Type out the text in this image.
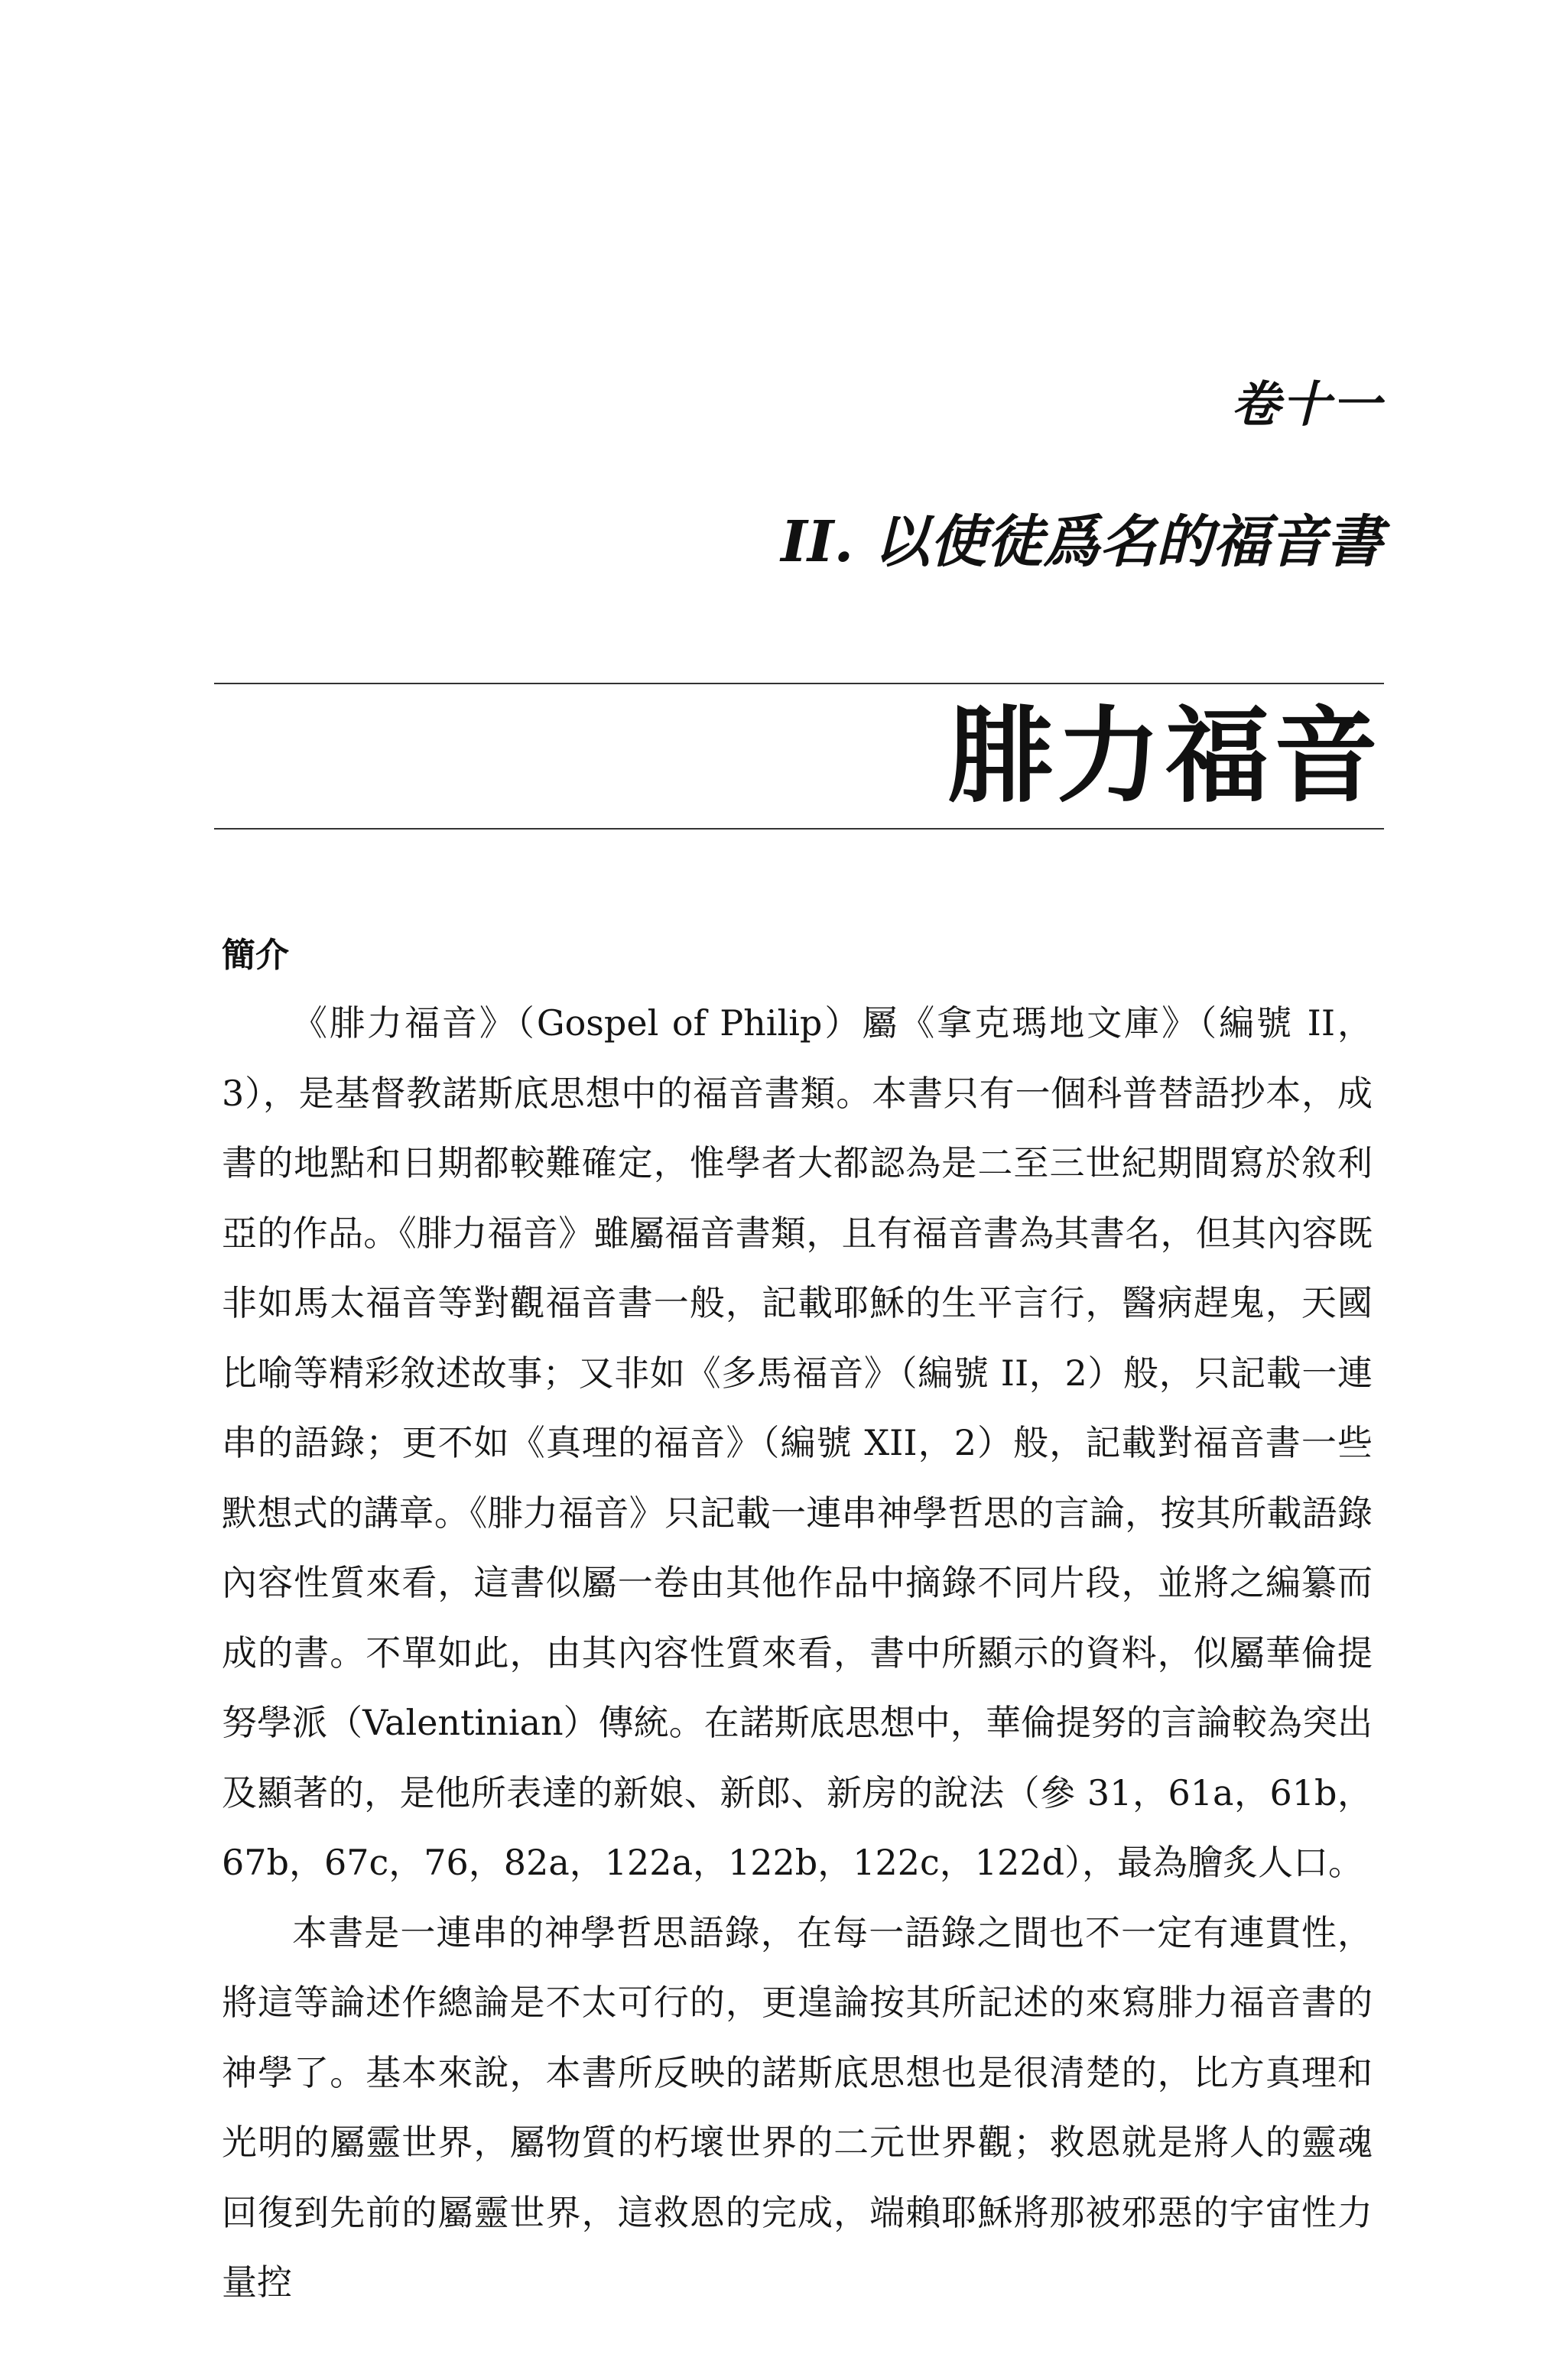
卷十一
II. 以使徒爲名的福音書
腓力福音
簡介

《腓力福音》（Gospel of Philip）屬《拿克瑪地文庫》（編號 II，3），是基督教諾斯底思想中的福音書類。本書只有一個科普替語抄本，成書的地點和日期都較難確定，惟學者大都認為是二至三世紀期間寫於敘利亞的作品。《腓力福音》雖屬福音書類，且有福音書為其書名，但其內容既非如馬太福音等對觀福音書一般，記載耶穌的生平言行，醫病趕鬼，天國比喻等精彩敘述故事；又非如《多馬福音》（編號 II，2）般，只記載一連串的語錄；更不如《真理的福音》（編號 XII，2）般，記載對福音書一些默想式的講章。《腓力福音》只記載一連串神學哲思的言論，按其所載語錄內容性質來看，這書似屬一卷由其他作品中摘錄不同片段，並將之編纂而成的書。不單如此，由其內容性質來看，書中所顯示的資料，似屬華倫提努學派（Valentinian）傳統。在諾斯底思想中，華倫提努的言論較為突出及顯著的，是他所表達的新娘、新郎、新房的說法（參 31，61a，61b，67b，67c，76，82a，122a，122b，122c，122d），最為膾炙人口。

本書是一連串的神學哲思語錄，在每一語錄之間也不一定有連貫性，將這等論述作總論是不太可行的，更遑論按其所記述的來寫腓力福音書的神學了。基本來說，本書所反映的諾斯底思想也是很清楚的，比方真理和光明的屬靈世界，屬物質的朽壞世界的二元世界觀；救恩就是將人的靈魂回復到先前的屬靈世界，這救恩的完成，端賴耶穌將那被邪惡的宇宙性力量控
